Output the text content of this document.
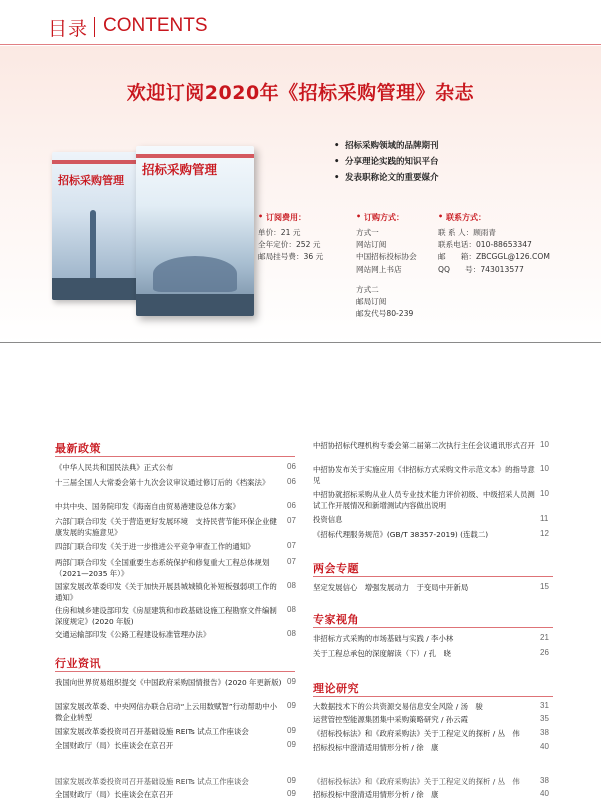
目录 CONTENTS
欢迎订阅2020年《招标采购管理》杂志
招标采购管理
招标采购管理
• 招标采购领域的品牌期刊
• 分享理论实践的知识平台
• 发表职称论文的重要媒介
• 订阅费用：
单价：21 元
全年定价：252 元
邮局挂号费：36 元
• 订购方式：
方式一
网站订阅
中国招标投标协会
网站网上书店
方式二
邮局订阅
邮发代号80-239
• 联系方式：
联 系 人：顾雨青
联系电话：010-88653347
邮　　箱：ZBCGGL@126.COM
QQ　　号：743013577
最新政策
《中华人民共和国民法典》正式公布	06
十三届全国人大常委会第十九次会议审议通过修订后的《档案法》	06
中共中央、国务院印发《海南自由贸易港建设总体方案》	06
六部门联合印发《关于营造更好发展环境　支持民营节能环保企业健康发展的实施意见》
07
四部门联合印发《关于进一步推进公平竞争审查工作的通知》	07
两部门联合印发《全国重要生态系统保护和修复重大工程总体规划（2021—2035 年）》
07
国家发展改革委印发《关于加快开展县城城镇化补短板强弱项工作的通知》
08
住房和城乡建设部印发《房屋建筑和市政基础设施工程勘察文件编制深度规定》(2020 年版)
08
交通运输部印发《公路工程建设标准管理办法》	08
行业资讯
我国向世界贸易组织提交《中国政府采购国情报告》(2020 年更新版) 09
国家发展改革委、中央网信办联合启动“上云用数赋智”行动帮助中小微企业转型
09
国家发展改革委投资司召开基础设施 REITs 试点工作座谈会	09
全国财政厅（局）长座谈会在京召开	09
中招协招标代理机构专委会第二届第二次执行主任会议通讯形式召开 10
中招协发布关于实施应用《非招标方式采购文件示范文本》的指导意见
10
中招协就招标采购从业人员专业技术能力评价初级、中级招采人员测试工作开展情况和新增测试内容做出说明
10
投资信息	11
《招标代理服务规范》(GB/T 38357-2019) (连载二)	12
两会专题
坚定发展信心　增强发展动力　于变局中开新局	15
专家视角
非招标方式采购的市场基础与实践 / 李小林	21
关于工程总承包的深度解读（下）/ 孔　晓	26
理论研究
大数据技术下的公共资源交易信息安全风险 / 汤　骏	31
运营管控型能源集团集中采购策略研究 / 孙云霞	35
《招标投标法》和《政府采购法》关于工程定义的探析 / 丛　伟	38
招标投标中澄清适用情形分析 / 徐　康	40
国家发展改革委投资司召开基础设施 REITs 试点工作座谈会	09
全国财政厅（局）长座谈会在京召开	09
《招标投标法》和《政府采购法》关于工程定义的探析 / 丛　伟	38
招标投标中澄清适用情形分析 / 徐　康	40
